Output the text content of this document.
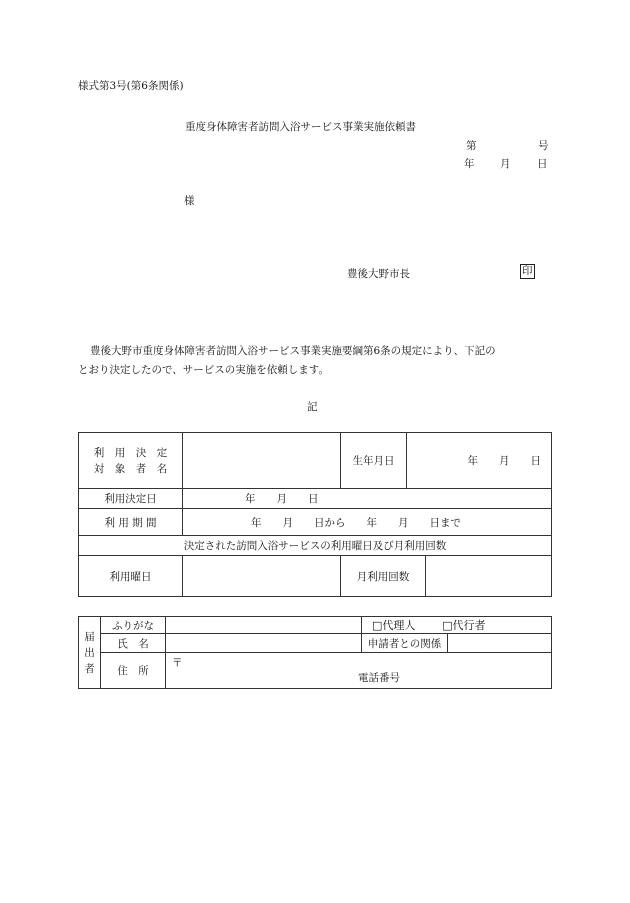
様式第3号(第6条関係)
重度身体障害者訪問入浴サービス事業実施依頼書
第	号
年 月	日
様
豊後大野市長	印
豊後大野市重度身体障害者訪問入浴サービス事業実施要綱第6条の規定により、下記の
とおり決定したので、サービスの実施を依頼します。
記
利　用　決　定
対　象　者　名		生年月日	年　　月　　日	
利用決定日	年　　月　　日			
利 用 期 間	年　　月　　日から　　年　　月　　日まで			
決定された訪問入浴サービスの利用曜日及び月利用回数				
利用曜日		月利用回数		
届出者	ふりがな		□代理人 □代行者	
	氏　名		申請者との関係	
	住　所	〒
電話番号		
